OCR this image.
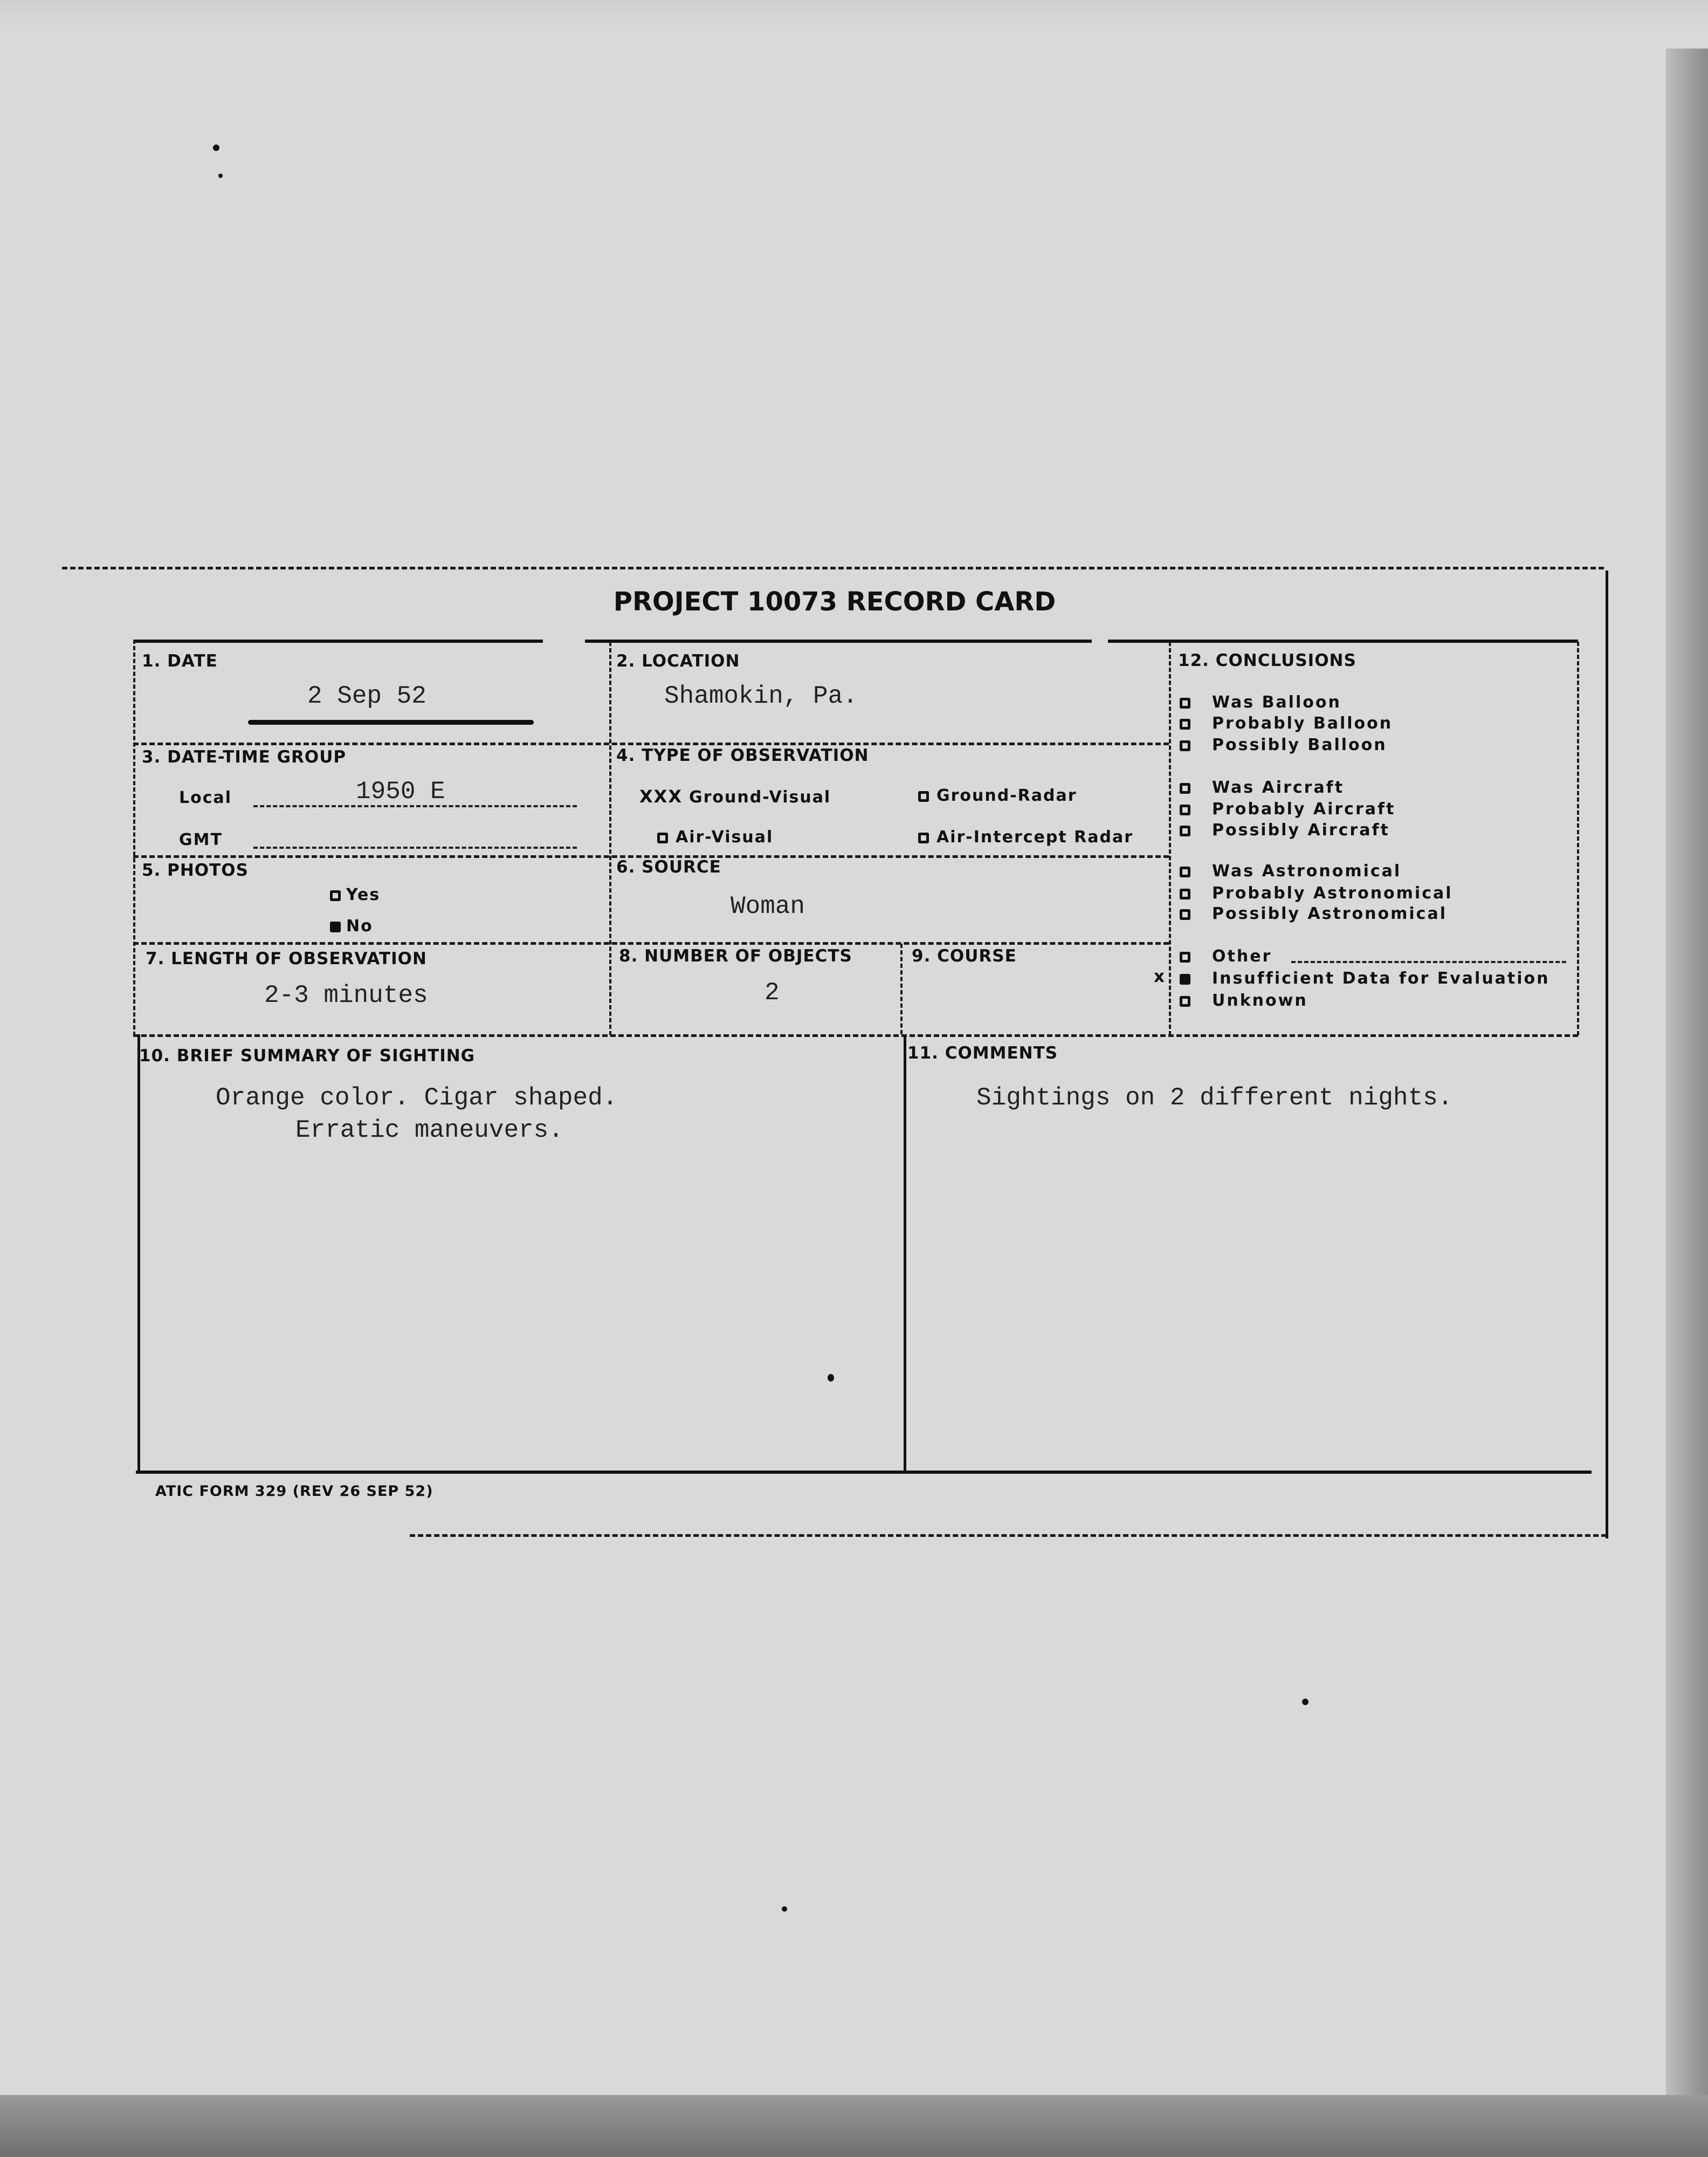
PROJECT 10073 RECORD CARD
1. DATE
2 Sep 52
2. LOCATION
Shamokin, Pa.
3. DATE-TIME GROUP
Local	1950 E
GMT
4. TYPE OF OBSERVATION
XXX Ground-Visual	Ground-Radar
Air-Visual	Air-Intercept Radar
5. PHOTOS
Yes
No
6. SOURCE
Woman
7. LENGTH OF OBSERVATION
2-3 minutes
8. NUMBER OF OBJECTS
2
9. COURSE
10. BRIEF SUMMARY OF SIGHTING
Orange color. Cigar shaped.
Erratic maneuvers.
11. COMMENTS
Sightings on 2 different nights.
12. CONCLUSIONS
Was Balloon
Probably Balloon
Possibly Balloon
Was Aircraft
Probably Aircraft
Possibly Aircraft
Was Astronomical
Probably Astronomical
Possibly Astronomical
Other
Insufficient Data for Evaluation
x
Unknown
ATIC FORM 329 (REV 26 SEP 52)
